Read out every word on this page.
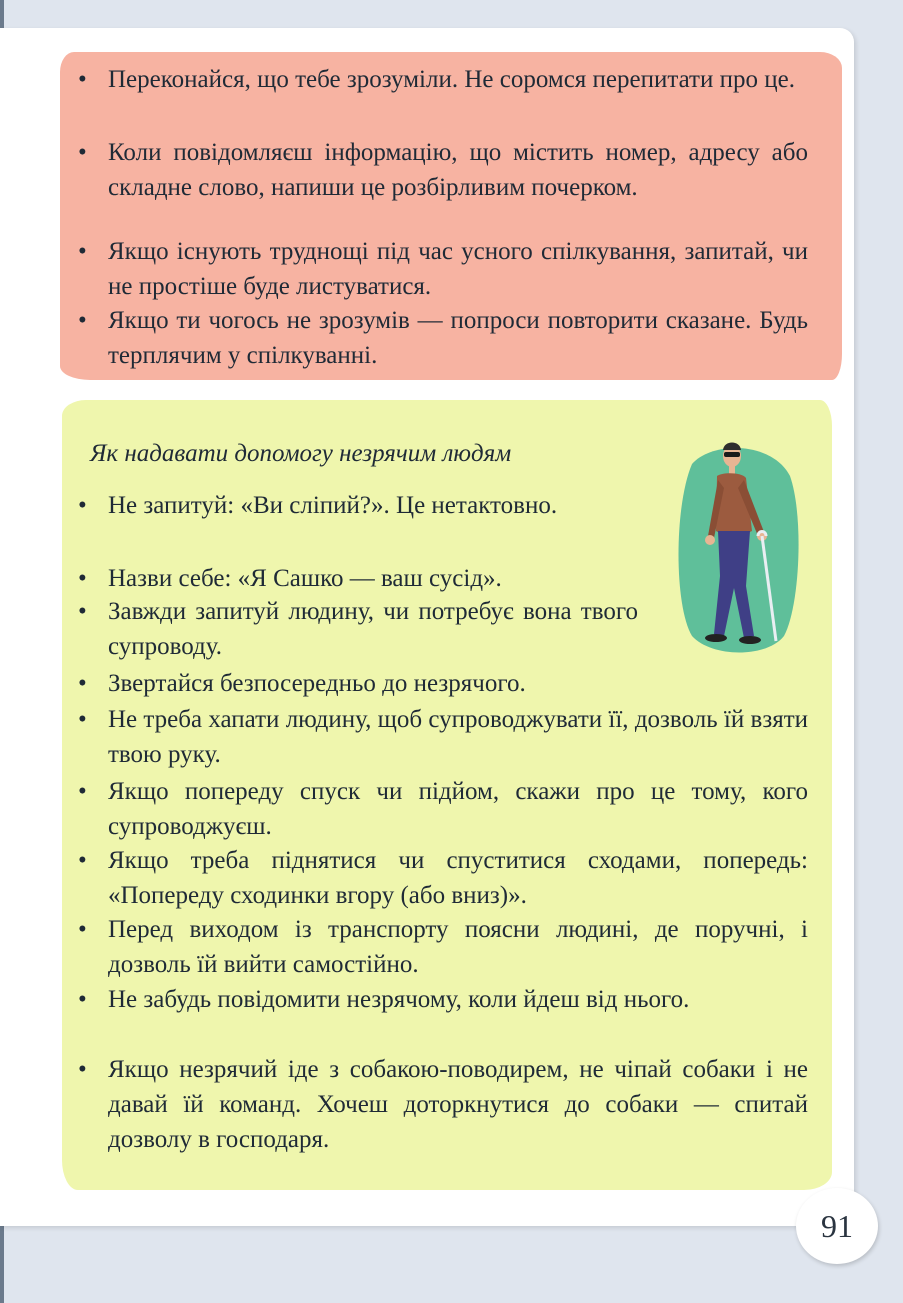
• Переконайся, що тебе зрозуміли. Не соромся перепитати про це.
• Коли повідомляєш інформацію, що містить номер, адресу або складне слово, напиши це розбірливим почерком.
• Якщо існують труднощі під час усного спілкування, запитай, чи не простіше буде листуватися.
• Якщо ти чогось не зрозумів — попроси повторити сказане. Будь терплячим у спілкуванні.
Як надавати допомогу незрячим людям
• Не запитуй: «Ви сліпий?». Це нетактовно.
• Назви себе: «Я Сашко — ваш сусід».
• Завжди запитуй людину, чи потребує вона твого супроводу.
• Звертайся безпосередньо до незрячого.
• Не треба хапати людину, щоб супроводжувати її, дозволь їй взяти твою руку.
• Якщо попереду спуск чи підйом, скажи про це тому, кого супроводжуєш.
• Якщо треба піднятися чи спуститися сходами, попередь: «Попереду сходинки вгору (або вниз)».
• Перед виходом із транспорту поясни людині, де поручні, і дозволь їй вийти самостійно.
• Не забудь повідомити незрячому, коли йдеш від нього.
• Якщо незрячий іде з собакою-поводирем, не чіпай собаки і не давай їй команд. Хочеш доторкнутися до собаки — спитай дозволу в господаря.
91
